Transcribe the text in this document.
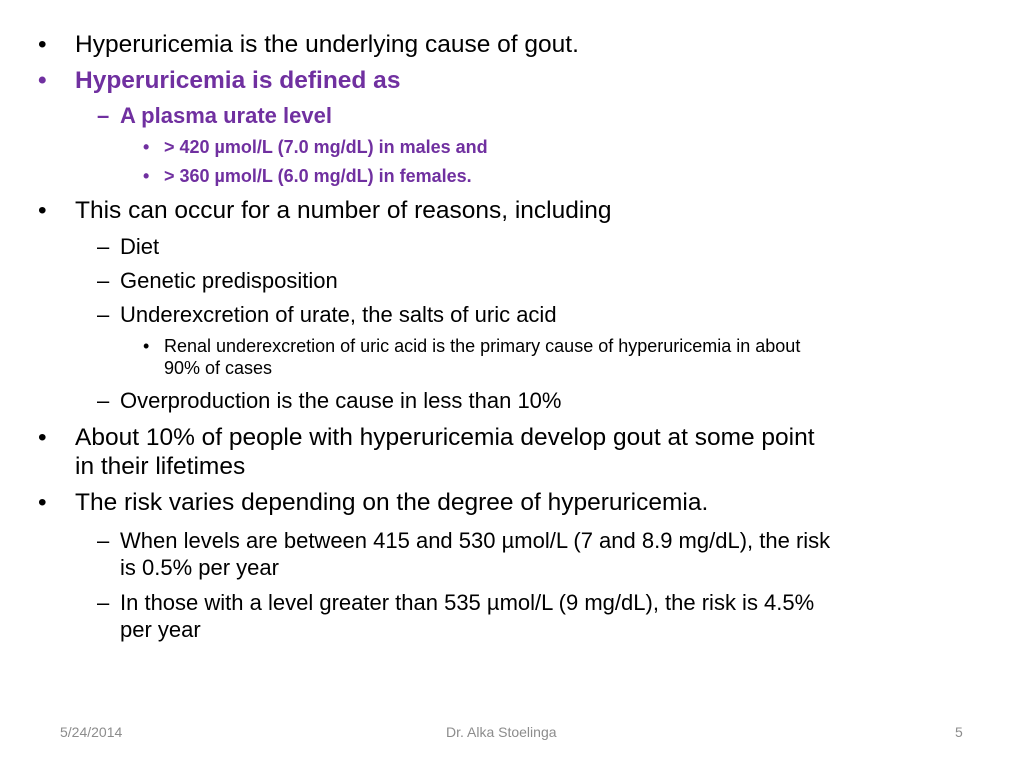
• Hyperuricemia is the underlying cause of gout.
• Hyperuricemia is defined as
– A plasma urate level
• > 420 µmol/L (7.0 mg/dL) in males and
• > 360 µmol/L (6.0 mg/dL) in females.
• This can occur for a number of reasons, including
– Diet
– Genetic predisposition
– Underexcretion of urate, the salts of uric acid
• Renal underexcretion of uric acid is the primary cause of hyperuricemia in about
90% of cases
– Overproduction is the cause in less than 10%
• About 10% of people with hyperuricemia develop gout at some point
in their lifetimes
• The risk varies depending on the degree of hyperuricemia.
– When levels are between 415 and 530 µmol/L (7 and 8.9 mg/dL), the risk
is 0.5% per year
– In those with a level greater than 535 µmol/L (9 mg/dL), the risk is 4.5%
per year
5/24/2014	Dr. Alka Stoelinga	5
